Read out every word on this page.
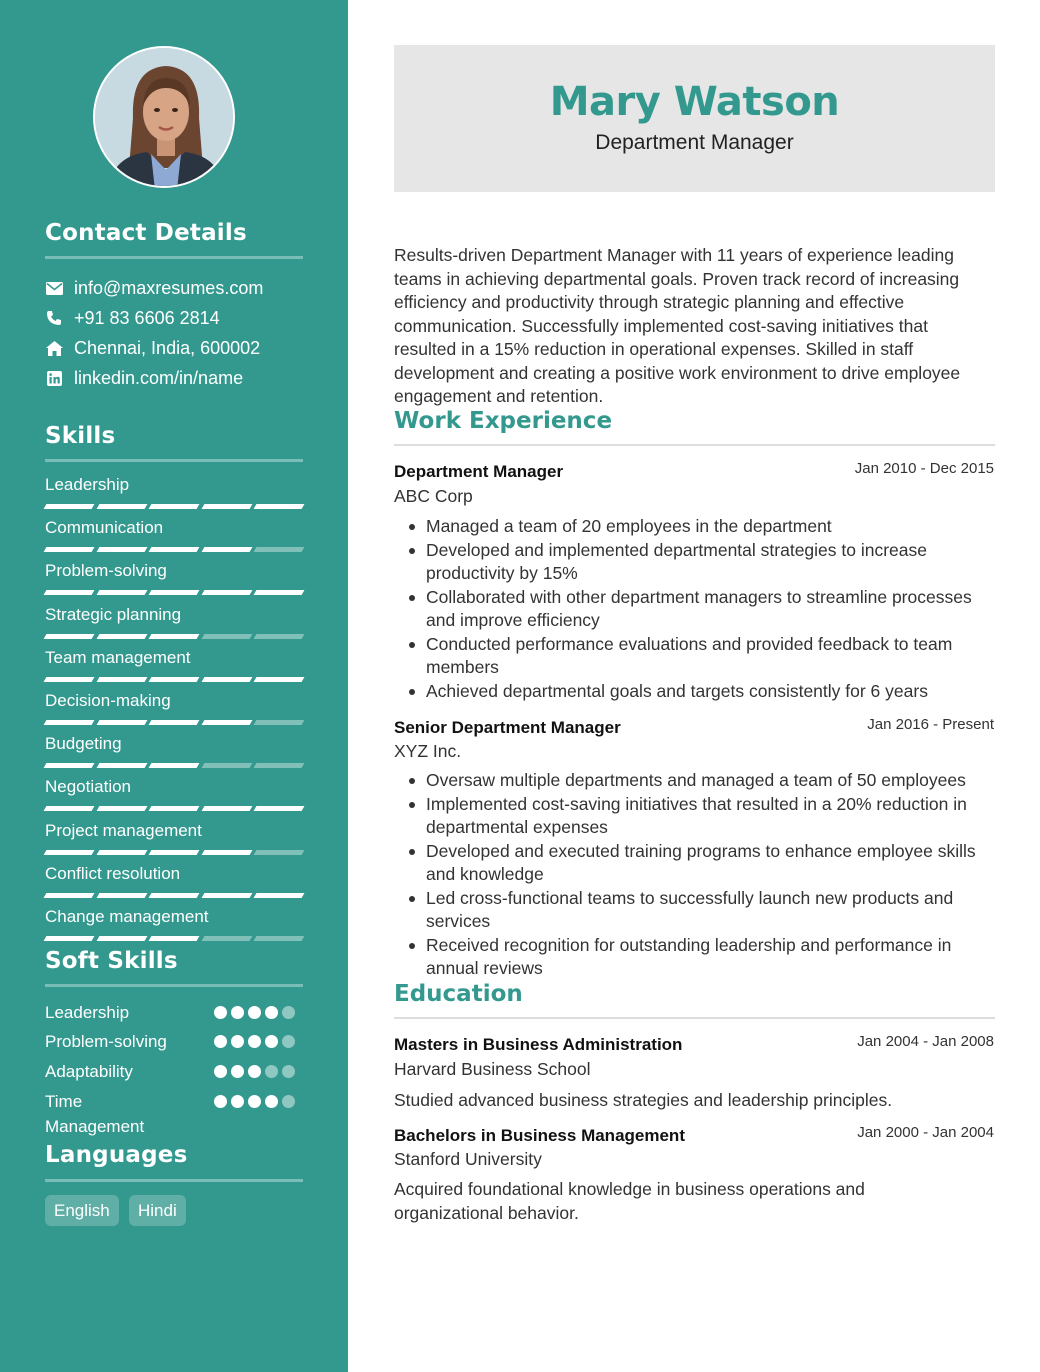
Contact Details
info@maxresumes.com
+91 83 6606 2814
Chennai, India, 600002
linkedin.com/in/name
Skills
Leadership
Communication
Problem-solving
Strategic planning
Team management
Decision-making
Budgeting
Negotiation
Project management
Conflict resolution
Change management
Soft Skills
Leadership
Problem-solving
Adaptability
Time Management
Languages
English	Hindi
Mary Watson
Department Manager
Results-driven Department Manager with 11 years of experience leading teams in achieving departmental goals. Proven track record of increasing efficiency and productivity through strategic planning and effective communication. Successfully implemented cost-saving initiatives that resulted in a 15% reduction in operational expenses. Skilled in staff development and creating a positive work environment to drive employee engagement and retention.
Work Experience
Department Manager	Jan 2010 - Dec 2015
ABC Corp
Managed a team of 20 employees in the department
Developed and implemented departmental strategies to increase productivity by 15%
Collaborated with other department managers to streamline processes and improve efficiency
Conducted performance evaluations and provided feedback to team members
Achieved departmental goals and targets consistently for 6 years
Senior Department Manager	Jan 2016 - Present
XYZ Inc.
Oversaw multiple departments and managed a team of 50 employees
Implemented cost-saving initiatives that resulted in a 20% reduction in departmental expenses
Developed and executed training programs to enhance employee skills and knowledge
Led cross-functional teams to successfully launch new products and services
Received recognition for outstanding leadership and performance in annual reviews
Education
Masters in Business Administration	Jan 2004 - Jan 2008
Harvard Business School
Studied advanced business strategies and leadership principles.
Bachelors in Business Management	Jan 2000 - Jan 2004
Stanford University
Acquired foundational knowledge in business operations and organizational behavior.
